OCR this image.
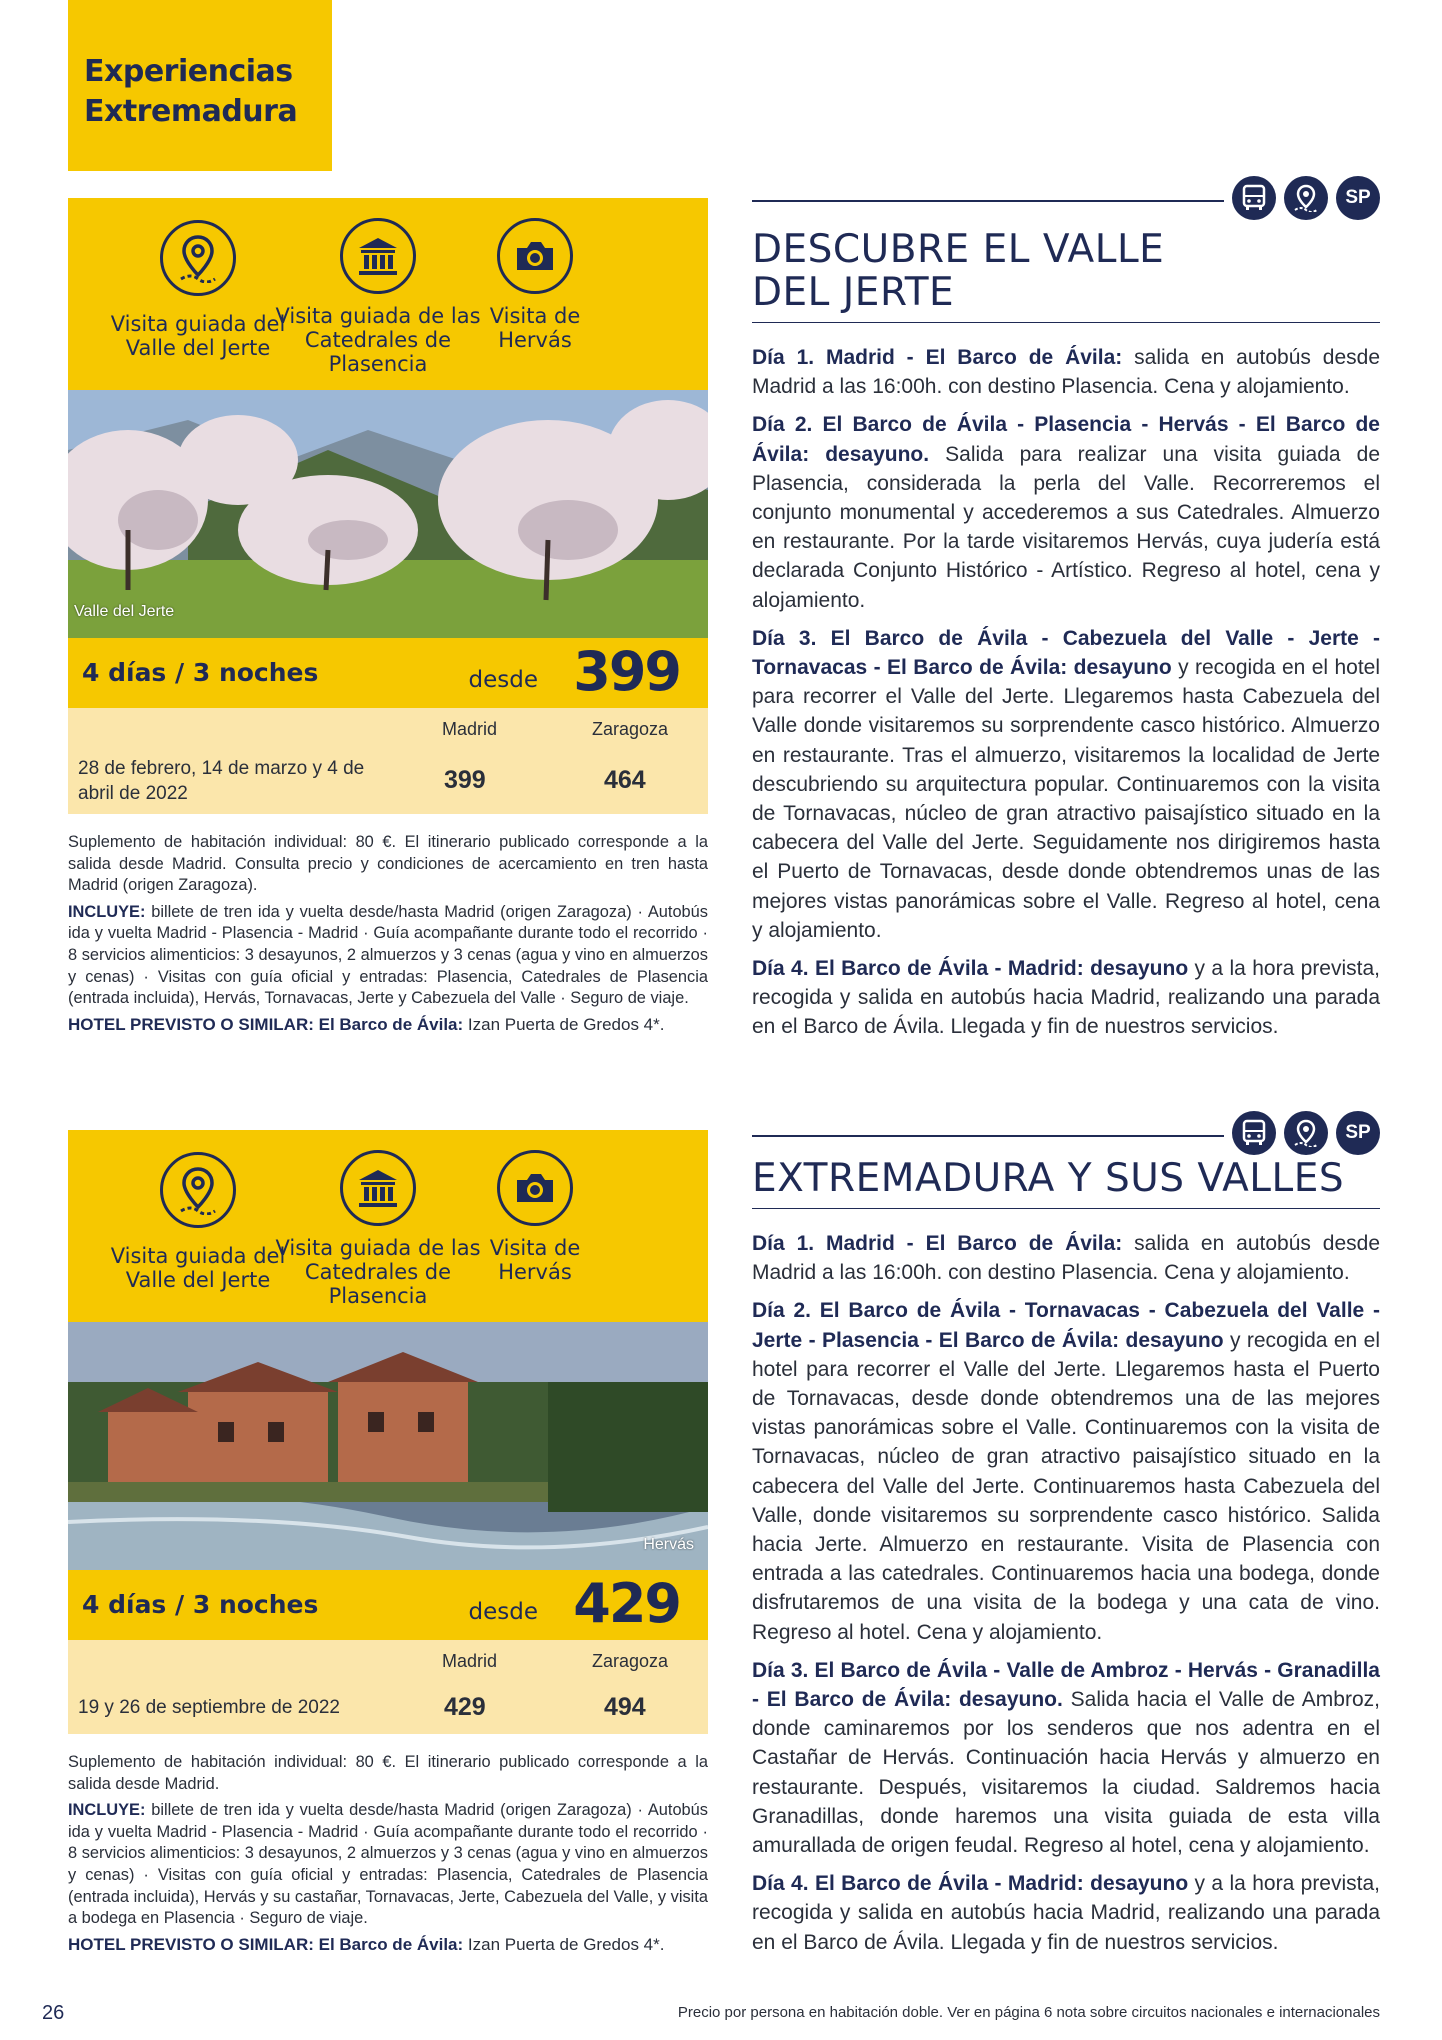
Experiencias
Extremadura
Visita guiada del Valle del Jerte
Visita guiada de las Catedrales de Plasencia
Visita de Hervás
Valle del Jerte
4 días / 3 noches	desde 399
Madrid	Zaragoza
28 de febrero, 14 de marzo y 4 de abril de 2022	399	464
Suplemento de habitación individual: 80 €. El itinerario publicado corresponde a la salida desde Madrid. Consulta precio y condiciones de acercamiento en tren hasta Madrid (origen Zaragoza).
INCLUYE: billete de tren ida y vuelta desde/hasta Madrid (origen Zaragoza) · Autobús ida y vuelta Madrid - Plasencia - Madrid · Guía acompañante durante todo el recorrido · 8 servicios alimenticios: 3 desayunos, 2 almuerzos y 3 cenas (agua y vino en almuerzos y cenas) · Visitas con guía oficial y entradas: Plasencia, Catedrales de Plasencia (entrada incluida), Hervás, Tornavacas, Jerte y Cabezuela del Valle · Seguro de viaje.
HOTEL PREVISTO O SIMILAR: El Barco de Ávila: Izan Puerta de Gredos 4*.
SP
DESCUBRE EL VALLE
DEL JERTE

Día 1. Madrid - El Barco de Ávila: salida en autobús desde Madrid a las 16:00h. con destino Plasencia. Cena y alojamiento.

Día 2. El Barco de Ávila - Plasencia - Hervás - El Barco de Ávila: desayuno. Salida para realizar una visita guiada de Plasencia, considerada la perla del Valle. Recorreremos el conjunto monumental y accederemos a sus Catedrales. Almuerzo en restaurante. Por la tarde visitaremos Hervás, cuya judería está declarada Conjunto Histórico - Artístico. Regreso al hotel, cena y alojamiento.

Día 3. El Barco de Ávila - Cabezuela del Valle - Jerte - Tornavacas - El Barco de Ávila: desayuno y recogida en el hotel para recorrer el Valle del Jerte. Llegaremos hasta Cabezuela del Valle donde visitaremos su sorprendente casco histórico. Almuerzo en restaurante. Tras el almuerzo, visitaremos la localidad de Jerte descubriendo su arquitectura popular. Continuaremos con la visita de Tornavacas, núcleo de gran atractivo paisajístico situado en la cabecera del Valle del Jerte. Seguidamente nos dirigiremos hasta el Puerto de Tornavacas, desde donde obtendremos unas de las mejores vistas panorámicas sobre el Valle. Regreso al hotel, cena y alojamiento.

Día 4. El Barco de Ávila - Madrid: desayuno y a la hora prevista, recogida y salida en autobús hacia Madrid, realizando una parada en el Barco de Ávila. Llegada y fin de nuestros servicios.

Visita guiada del Valle del Jerte
Visita guiada de las Catedrales de Plasencia
Visita de Hervás
Hervás
4 días / 3 noches	desde 429
Madrid	Zaragoza
19 y 26 de septiembre de 2022	429	494
Suplemento de habitación individual: 80 €. El itinerario publicado corresponde a la salida desde Madrid.
INCLUYE: billete de tren ida y vuelta desde/hasta Madrid (origen Zaragoza) · Autobús ida y vuelta Madrid - Plasencia - Madrid · Guía acompañante durante todo el recorrido · 8 servicios alimenticios: 3 desayunos, 2 almuerzos y 3 cenas (agua y vino en almuerzos y cenas) · Visitas con guía oficial y entradas: Plasencia, Catedrales de Plasencia (entrada incluida), Hervás y su castañar, Tornavacas, Jerte, Cabezuela del Valle, y visita a bodega en Plasencia · Seguro de viaje.
HOTEL PREVISTO O SIMILAR: El Barco de Ávila: Izan Puerta de Gredos 4*.
SP
EXTREMADURA Y SUS VALLES

Día 1. Madrid - El Barco de Ávila: salida en autobús desde Madrid a las 16:00h. con destino Plasencia. Cena y alojamiento.

Día 2. El Barco de Ávila - Tornavacas - Cabezuela del Valle - Jerte - Plasencia - El Barco de Ávila: desayuno y recogida en el hotel para recorrer el Valle del Jerte. Llegaremos hasta el Puerto de Tornavacas, desde donde obtendremos una de las mejores vistas panorámicas sobre el Valle. Continuaremos con la visita de Tornavacas, núcleo de gran atractivo paisajístico situado en la cabecera del Valle del Jerte. Continuaremos hasta Cabezuela del Valle, donde visitaremos su sorprendente casco histórico. Salida hacia Jerte. Almuerzo en restaurante. Visita de Plasencia con entrada a las catedrales. Continuaremos hacia una bodega, donde disfrutaremos de una visita de la bodega y una cata de vino. Regreso al hotel. Cena y alojamiento.

Día 3. El Barco de Ávila - Valle de Ambroz - Hervás - Granadilla - El Barco de Ávila: desayuno. Salida hacia el Valle de Ambroz, donde caminaremos por los senderos que nos adentra en el Castañar de Hervás. Continuación hacia Hervás y almuerzo en restaurante. Después, visitaremos la ciudad. Saldremos hacia Granadillas, donde haremos una visita guiada de esta villa amurallada de origen feudal. Regreso al hotel, cena y alojamiento.

Día 4. El Barco de Ávila - Madrid: desayuno y a la hora prevista, recogida y salida en autobús hacia Madrid, realizando una parada en el Barco de Ávila. Llegada y fin de nuestros servicios.

26	Precio por persona en habitación doble. Ver en página 6 nota sobre circuitos nacionales e internacionales
